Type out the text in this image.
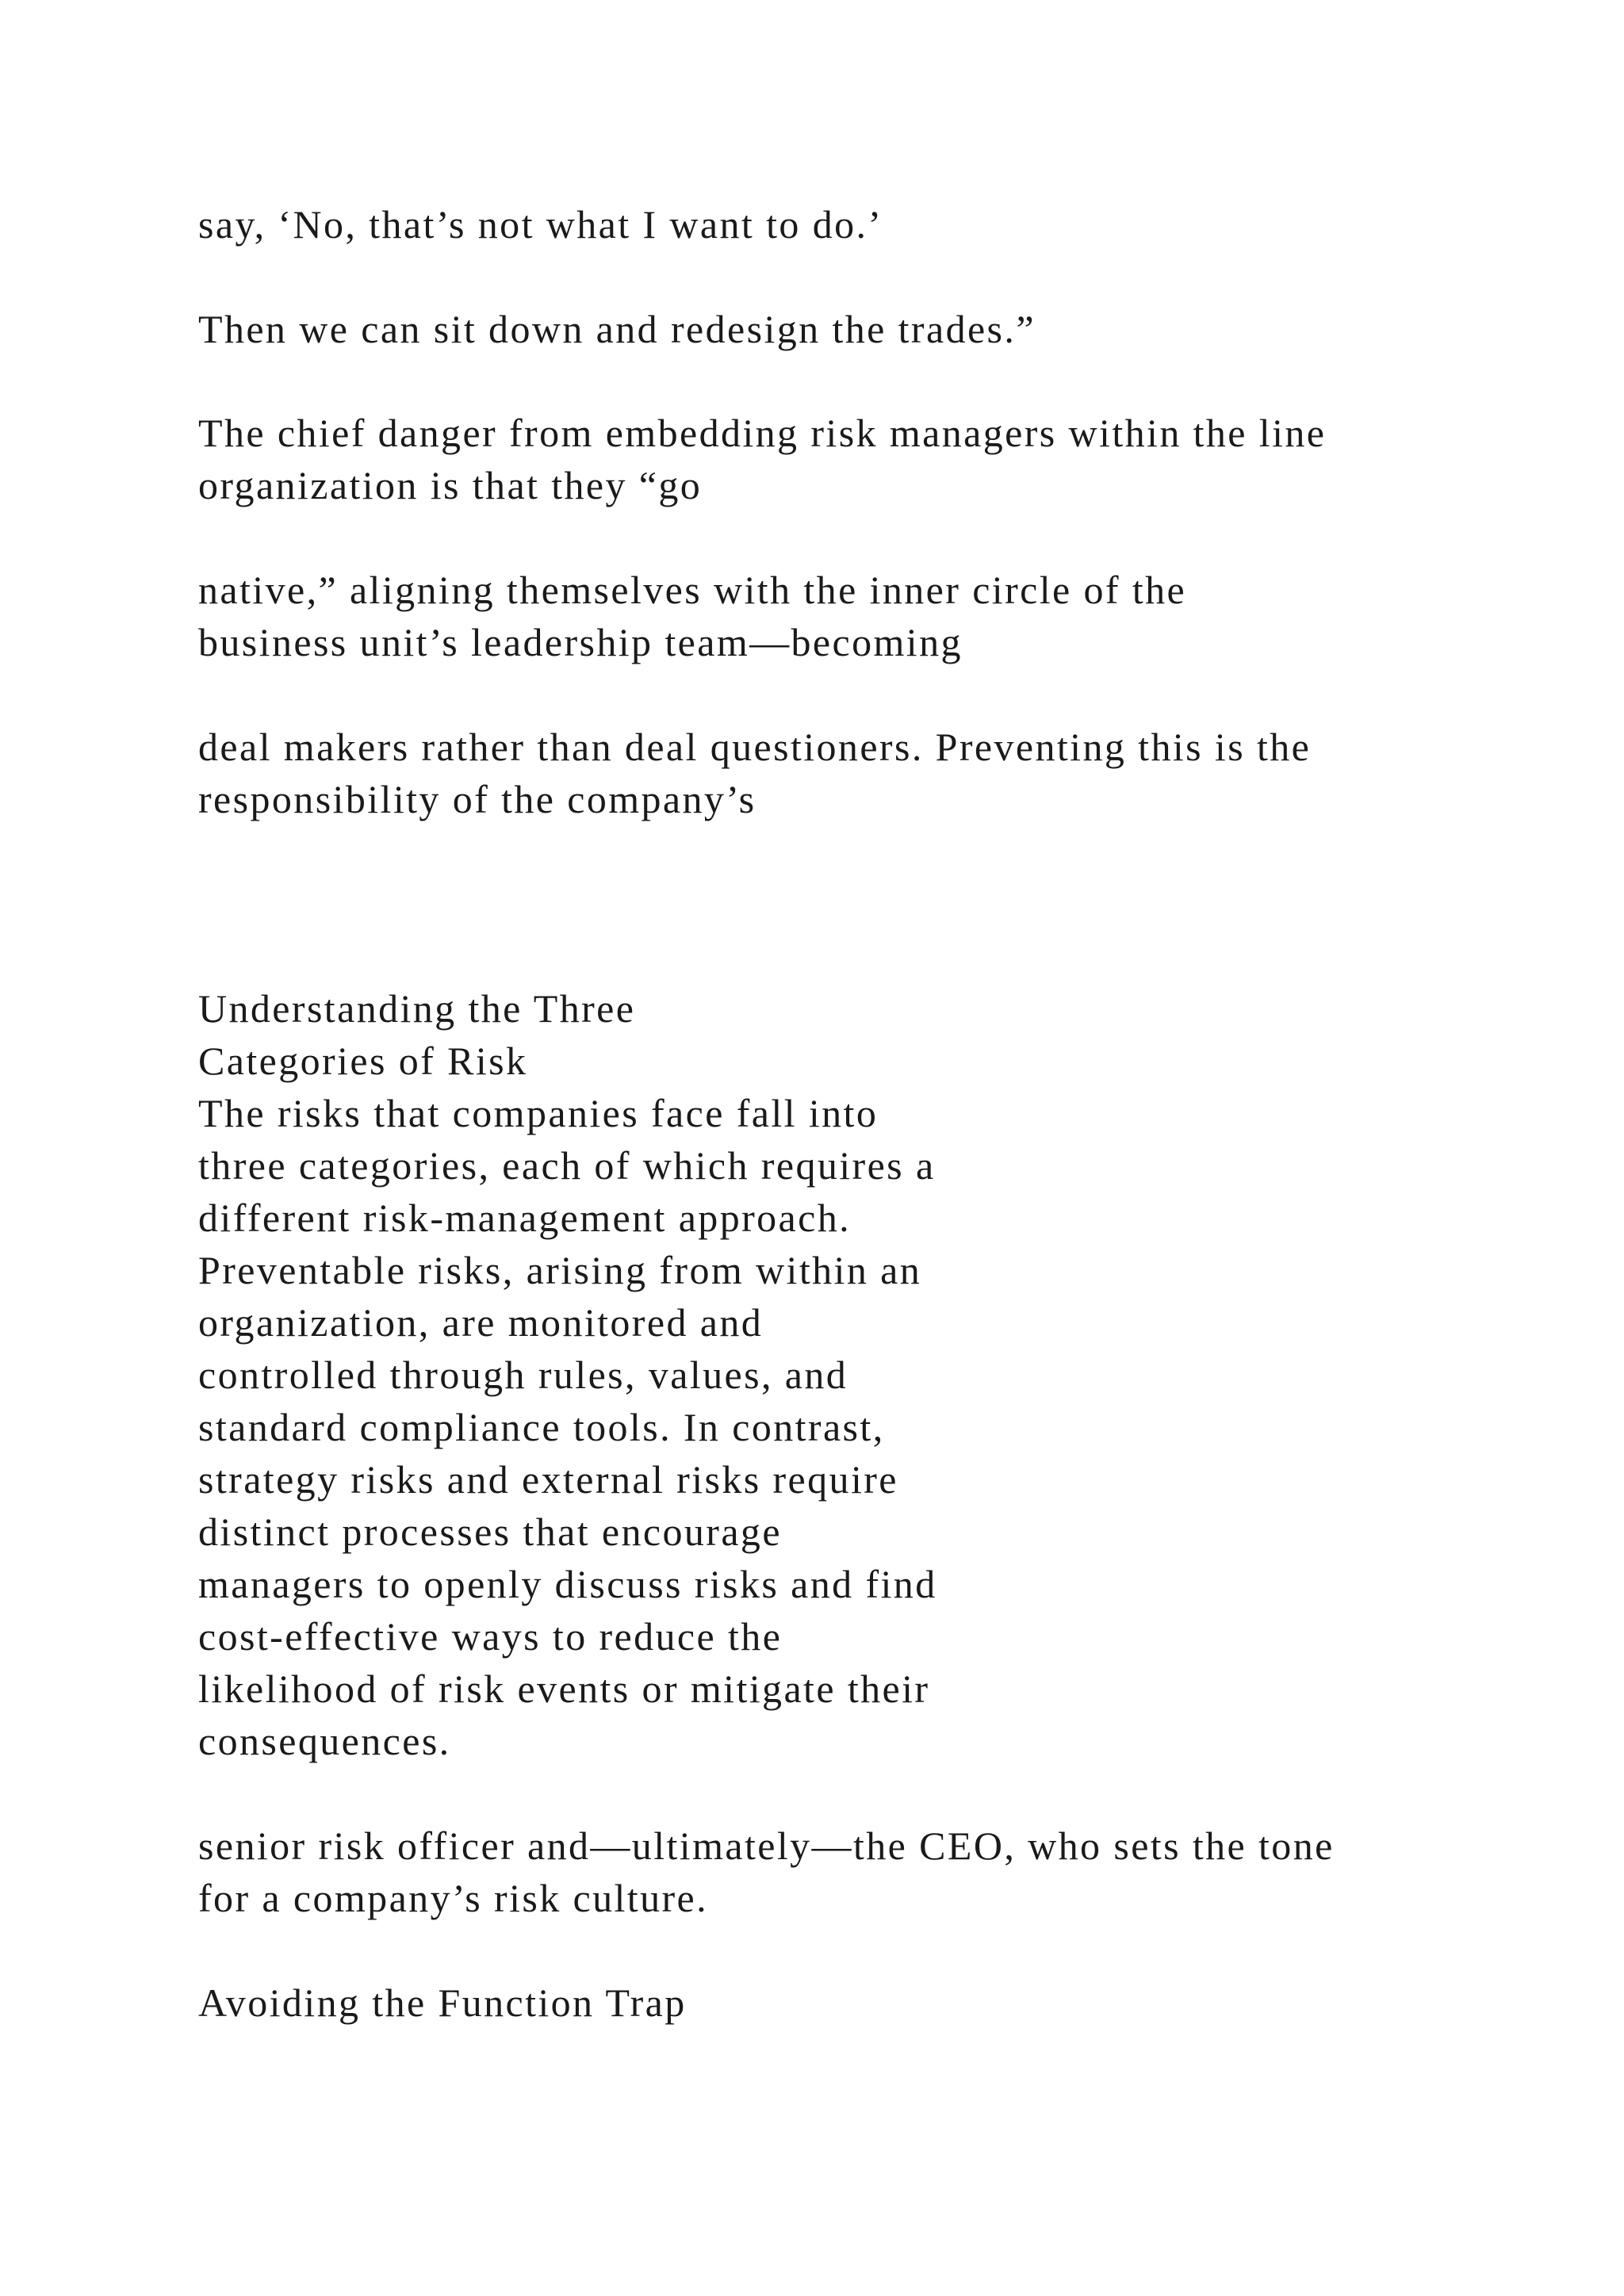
say, ‘No, that’s not what I want to do.’

Then we can sit down and redesign the trades.”

The chief danger from embedding risk managers within the line

organization is that they “go

native,” aligning themselves with the inner circle of the

business unit’s leadership team—becoming

deal makers rather than deal questioners. Preventing this is the

responsibility of the company’s

Understanding the Three

Categories of Risk

The risks that companies face fall into

three categories, each of which requires a

different risk-management approach.

Preventable risks, arising from within an

organization, are monitored and

controlled through rules, values, and

standard compliance tools. In contrast,

strategy risks and external risks require

distinct processes that encourage

managers to openly discuss risks and find

cost-effective ways to reduce the

likelihood of risk events or mitigate their

consequences.

senior risk officer and—ultimately—the CEO, who sets the tone

for a company’s risk culture.

Avoiding the Function Trap
